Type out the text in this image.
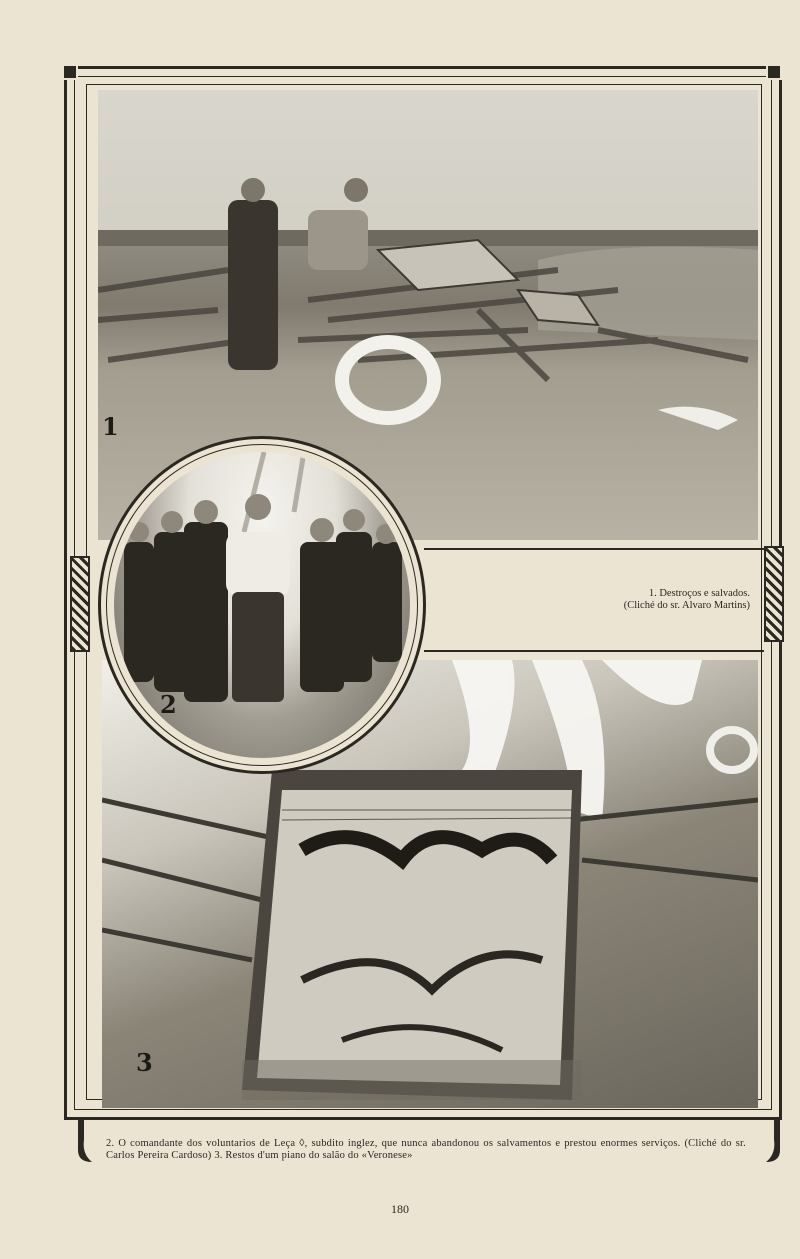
1
3
2
1. Destroços e salvados.
(Cliché do sr. Alvaro Martins)
2. O comandante dos voluntarios de Leça ◊, subdito inglez, que nunca abandonou os salvamentos e prestou enormes serviços. (Cliché do sr. Carlos Pereira Cardoso) 3. Restos d'um piano do salão do «Veronese»
180
